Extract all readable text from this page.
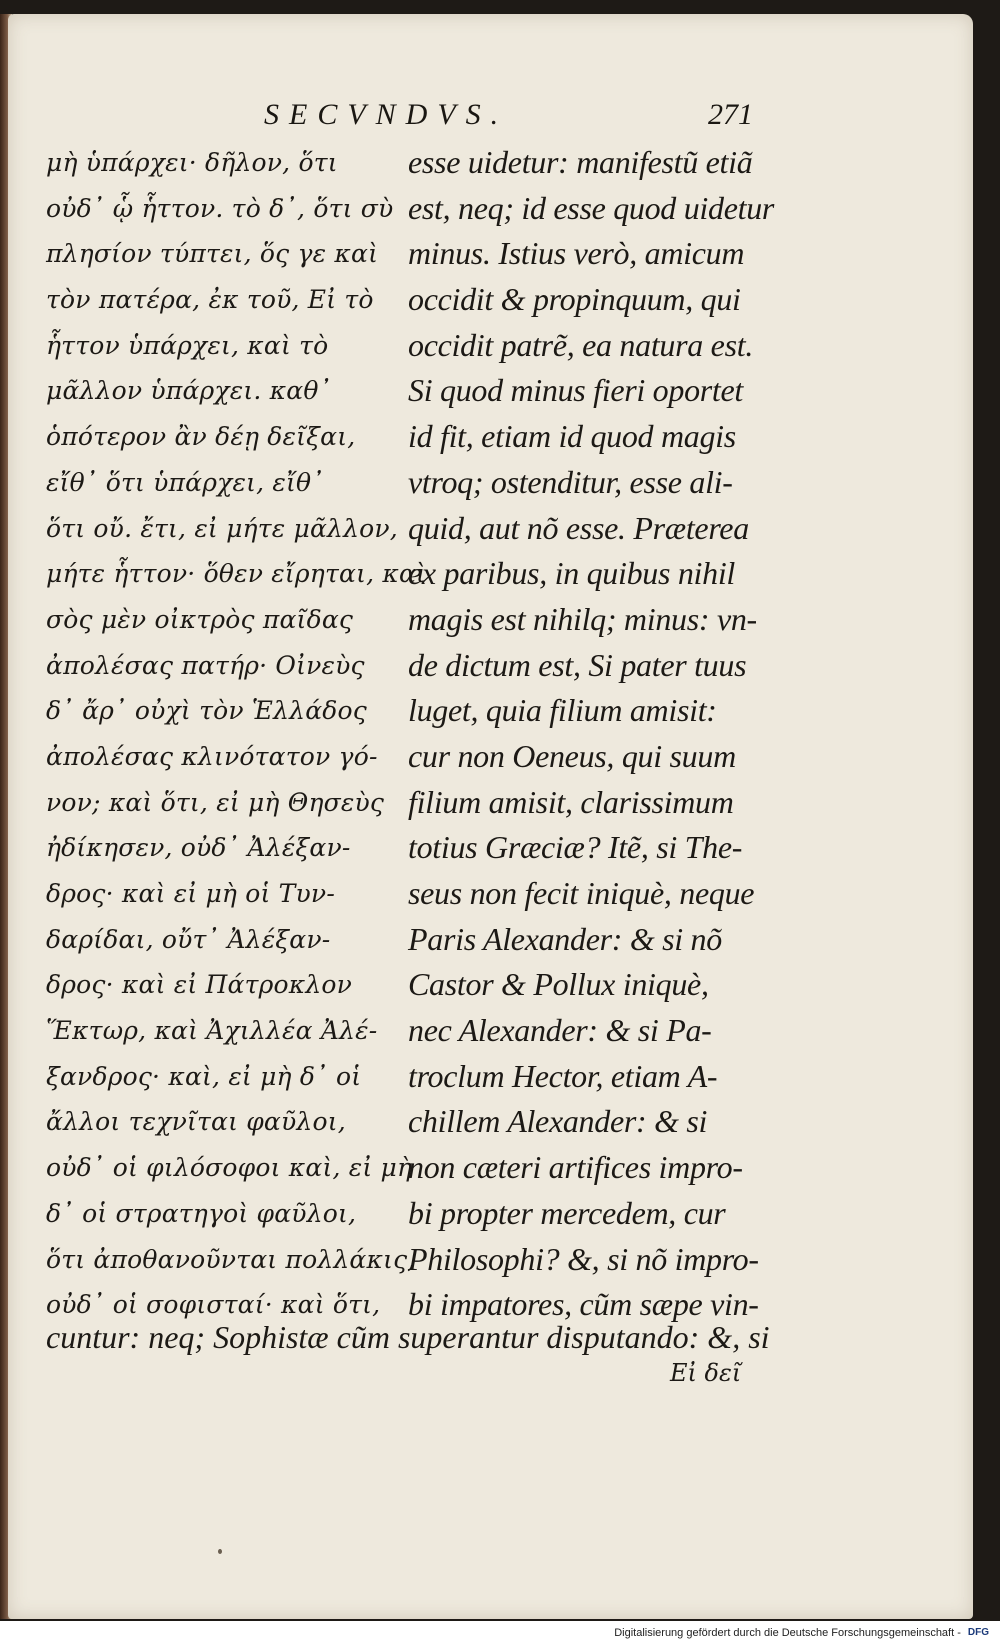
SECVNDVS.	271
μὴ ὑπάρχει· δῆλον, ὅτι
οὐδ᾽ ᾧ ἧττον. τὸ δ᾽, ὅτι σὺ
πλησίον τύπτει, ὅς γε καὶ
τὸν πατέρα, ἐκ τοῦ, Εἰ τὸ
ἧττον ὑπάρχει, καὶ τὸ
μᾶλλον ὑπάρχει. καθ᾽
ὁπότερον ἂν δέῃ δεῖξαι,
εἴθ᾽ ὅτι ὑπάρχει, εἴθ᾽
ὅτι οὔ. ἔτι, εἰ μήτε μᾶλλον,
μήτε ἧττον· ὅθεν εἴρηται, καὶ
σὸς μὲν οἰκτρὸς παῖδας
ἀπολέσας πατήρ· Οἰνεὺς
δ᾽ ἄρ᾽ οὐχὶ τὸν Ἑλλάδος
ἀπολέσας κλινότατον γό-
νον; καὶ ὅτι, εἰ μὴ Θησεὺς
ἠδίκησεν, οὐδ᾽ Ἀλέξαν-
δρος· καὶ εἰ μὴ οἱ Τυν-
δαρίδαι, οὔτ᾽ Ἀλέξαν-
δρος· καὶ εἰ Πάτροκλον
Ἕκτωρ, καὶ Ἀχιλλέα Ἀλέ-
ξανδρος· καὶ, εἰ μὴ δ᾽ οἱ
ἄλλοι τεχνῖται φαῦλοι,
οὐδ᾽ οἱ φιλόσοφοι καὶ, εἰ μὴ
δ᾽ οἱ στρατηγοὶ φαῦλοι,
ὅτι ἀποθανοῦνται πολλάκις,
οὐδ᾽ οἱ σοφισταί· καὶ ὅτι,
esse uidetur: manifestũ etiã
est, neq; id esse quod uidetur
minus. Istius verò, amicum
occidit & propinquum, qui
occidit patrẽ, ea natura est.
Si quod minus fieri oportet
id fit, etiam id quod magis
vtroq; ostenditur, esse ali-
quid, aut nõ esse. Præterea
ex paribus, in quibus nihil
magis est nihilq; minus: vn-
de dictum est, Si pater tuus
luget, quia filium amisit:
cur non Oeneus, qui suum
filium amisit, clarissimum
totius Græciæ? Itẽ, si The-
seus non fecit iniquè, neque
Paris Alexander: & si nõ
Castor & Pollux iniquè,
nec Alexander: & si Pa-
troclum Hector, etiam A-
chillem Alexander: & si
non cæteri artifices impro-
bi propter mercedem, cur
Philosophi? &, si nõ impro-
bi impatores, cũm sæpe vin-
cuntur: neq; Sophistæ cũm superantur disputando: &, si
Εἰ δεῖ
Digitalisierung gefördert durch die Deutsche Forschungsgemeinschaft - DFG
